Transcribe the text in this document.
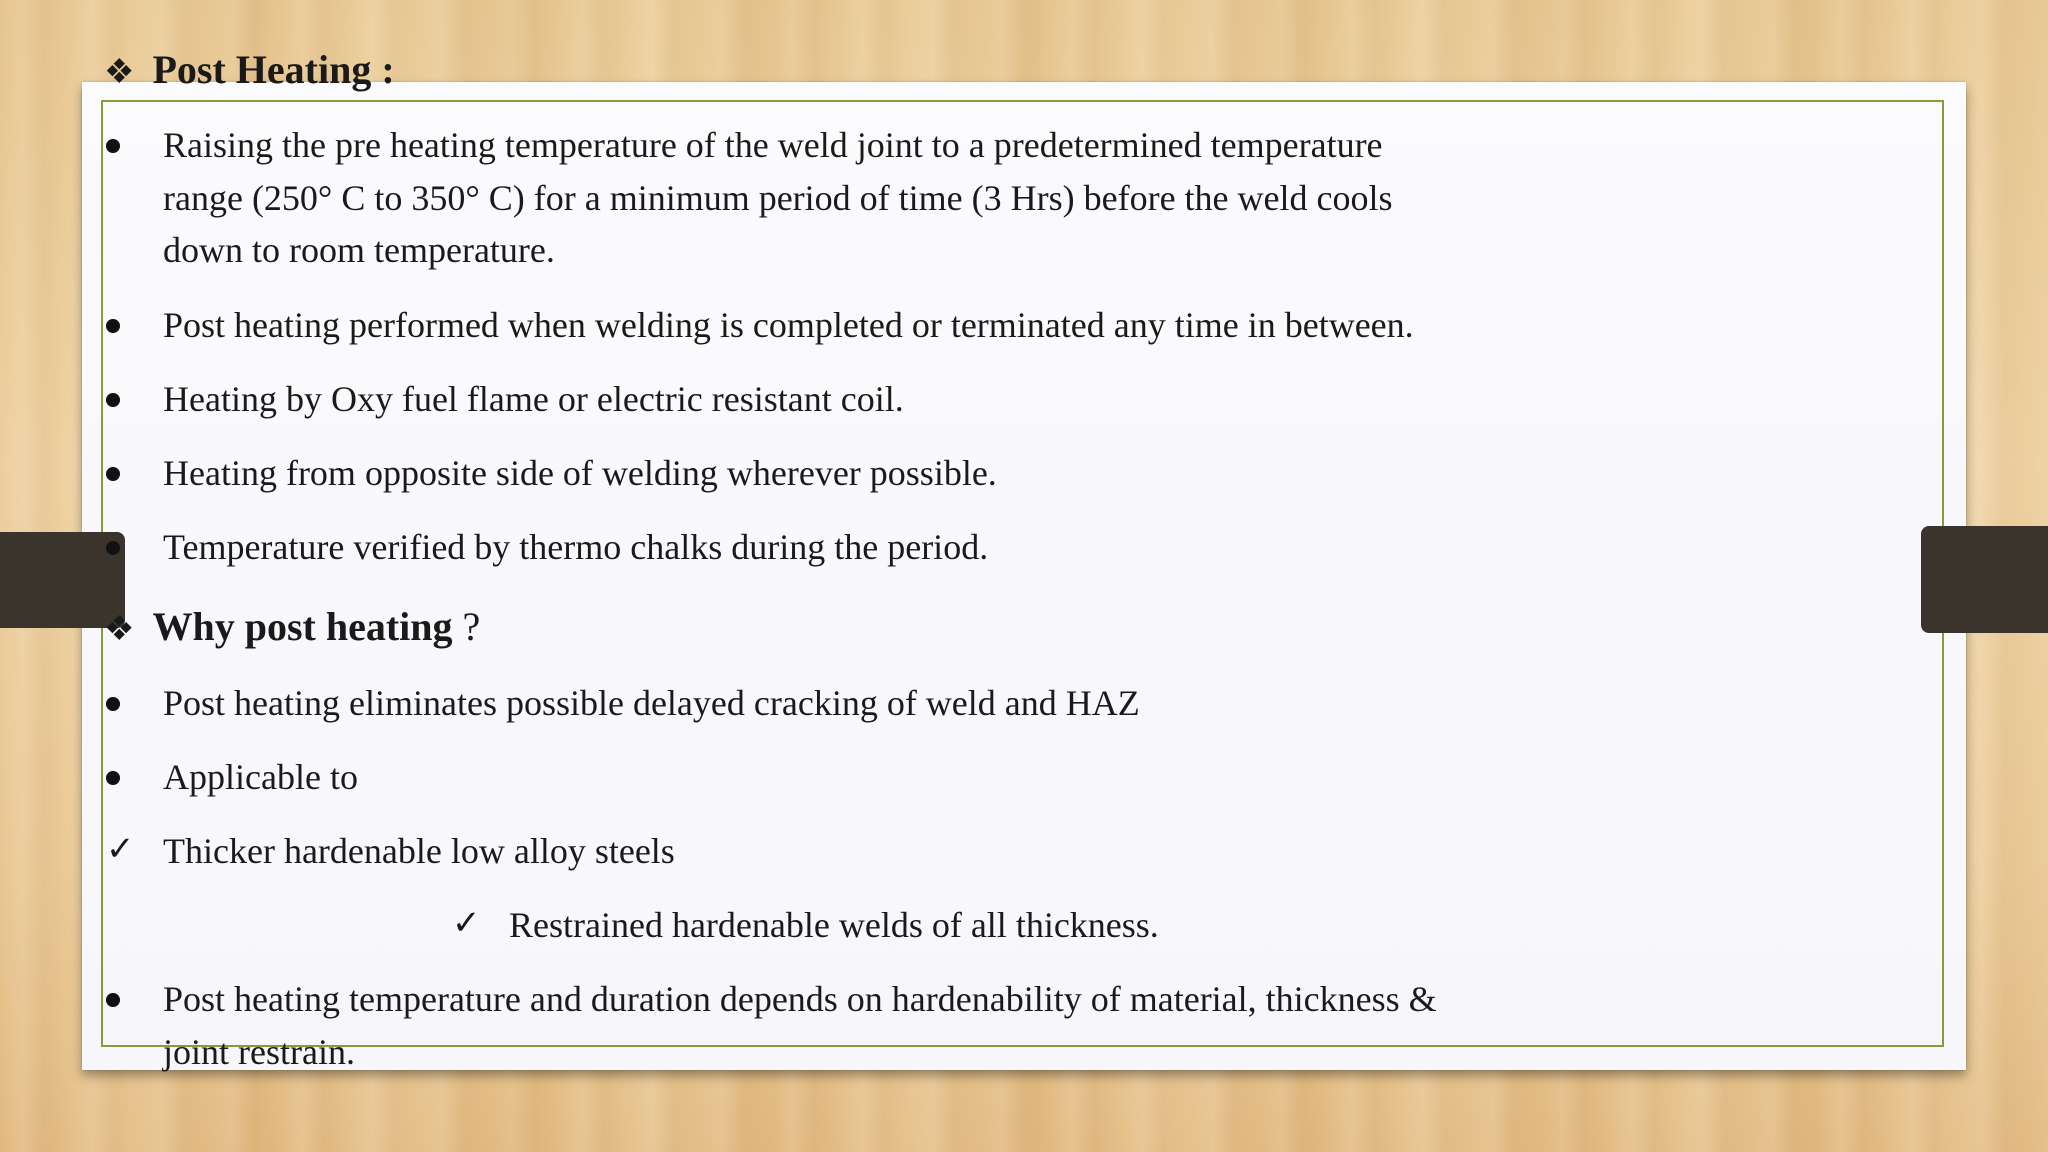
❖ Post Heating :
Raising the pre heating temperature of the weld joint to a predetermined temperature
range (250° C to 350° C) for a minimum period of time (3 Hrs) before the weld cools
down to room temperature.
Post heating performed when welding is completed or terminated any time in between.
Heating by Oxy fuel flame or electric resistant coil.
Heating from opposite side of welding wherever possible.
Temperature verified by thermo chalks during the period.
❖ Why post heating ?
Post heating eliminates possible delayed cracking of weld and HAZ
Applicable to
✓ Thicker hardenable low alloy steels
✓ Restrained hardenable welds of all thickness.
Post heating temperature and duration depends on hardenability of material, thickness &
joint restrain.
